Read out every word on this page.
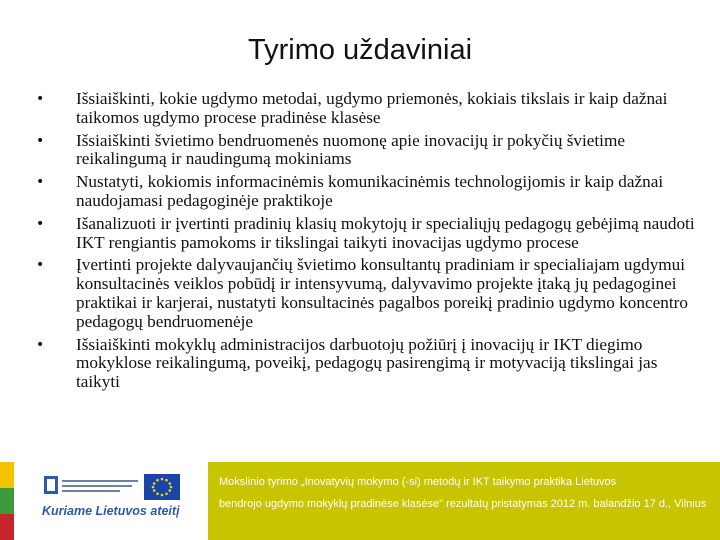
Tyrimo uždaviniai
•	Išsiaiškinti, kokie ugdymo metodai, ugdymo priemonės, kokiais tikslais ir kaip dažnai taikomos ugdymo procese pradinėse klasėse
•	Išsiaiškinti švietimo bendruomenės nuomonę apie inovacijų ir pokyčių švietime reikalingumą ir naudingumą mokiniams
•	Nustatyti, kokiomis informacinėmis komunikacinėmis technologijomis ir kaip dažnai naudojamasi pedagoginėje praktikoje
•	Išanalizuoti ir įvertinti pradinių klasių mokytojų ir specialiųjų pedagogų gebėjimą naudoti IKT rengiantis pamokoms ir tikslingai taikyti inovacijas ugdymo procese
•	Įvertinti projekte dalyvaujančių švietimo konsultantų pradiniam ir specialiajam ugdymui konsultacinės veiklos pobūdį ir intensyvumą, dalyvavimo projekte įtaką jų pedagoginei praktikai ir karjerai, nustatyti konsultacinės pagalbos poreikį pradinio ugdymo koncentro pedagogų bendruomenėje
•	Išsiaiškinti mokyklų administracijos darbuotojų požiūrį į inovacijų ir IKT diegimo mokyklose reikalingumą, poveikį, pedagogų pasirengimą ir motyvaciją tikslingai jas taikyti
Kuriame Lietuvos ateitį
Mokslinio tyrimo „Inovatyvių mokymo (-si) metodų ir IKT taikymo praktika Lietuvos
bendrojo ugdymo mokyklų pradinėse klasėse" rezultatų pristatymas 2012 m. balandžio 17 d., Vilnius
